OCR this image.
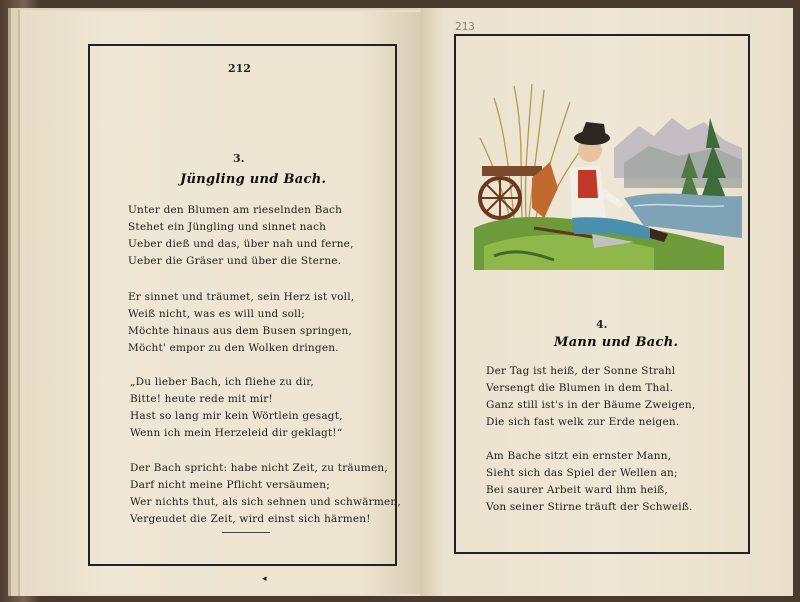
212
3.
Jüngling und Bach.
Unter den Blumen am rieselnden Bach
Stehet ein Jüngling und sinnet nach
Ueber dieß und das, über nah und ferne,
Ueber die Gräser und über die Sterne.
Er sinnet und träumet, sein Herz ist voll,
Weiß nicht, was es will und soll;
Möchte hinaus aus dem Busen springen,
Möcht' empor zu den Wolken dringen.
„Du lieber Bach, ich fliehe zu dir,
Bitte! heute rede mit mir!
Hast so lang mir kein Wörtlein gesagt,
Wenn ich mein Herzeleid dir geklagt!“
Der Bach spricht: habe nicht Zeit, zu träumen,
Darf nicht meine Pflicht versäumen;
Wer nichts thut, als sich sehnen und schwärmen,
Vergeudet die Zeit, wird einst sich härmen!
◂
213
4.
Mann und Bach.
Der Tag ist heiß, der Sonne Strahl
Versengt die Blumen in dem Thal.
Ganz still ist's in der Bäume Zweigen,
Die sich fast welk zur Erde neigen.
Am Bache sitzt ein ernster Mann,
Sieht sich das Spiel der Wellen an;
Bei saurer Arbeit ward ihm heiß,
Von seiner Stirne träuft der Schweiß.
